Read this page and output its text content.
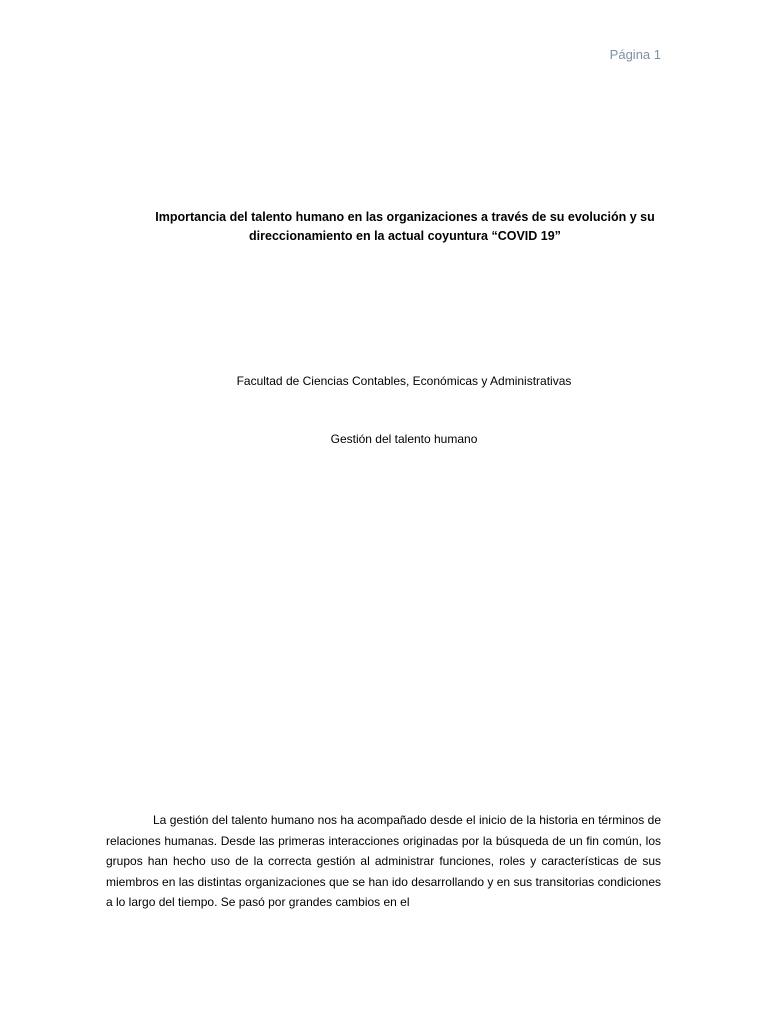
Página 1
Importancia del talento humano en las organizaciones a través de su evolución y su
direccionamiento en la actual coyuntura “COVID 19”
Facultad de Ciencias Contables, Económicas y Administrativas
Gestión del talento humano

La gestión del talento humano nos ha acompañado desde el inicio de la historia en términos de relaciones humanas. Desde las primeras interacciones originadas por la búsqueda de un fin común, los grupos han hecho uso de la correcta gestión al administrar funciones, roles y características de sus miembros en las distintas organizaciones que se han ido desarrollando y en sus transitorias condiciones a lo largo del tiempo. Se pasó por grandes cambios en el
